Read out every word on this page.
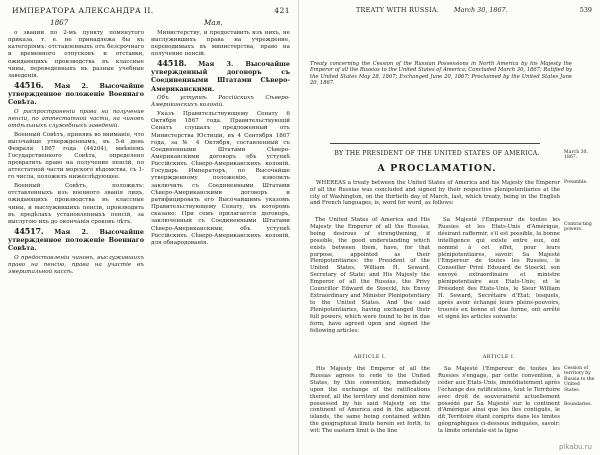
ИМПЕРАТОРА АЛЕКСАНДРА II.	421
1867	Мая.

о звании по 2-мъ пункту помянутого приказа, т. е. не принадлежа бы къ категоріямъ: отставленныхъ отъ безсрочнаго и временного отпусковъ и отставки, ожидающихъ производства въ классные чины, переведенныхъ въ разные учебные заведенія.

44516. Мая 2. Высочайше утвержденное положеніе Военнаго Совѣта.

О распространеніи права на получение пенсій, по аттестатной части, на чиновъ отдѣльныхъ служебныхъ заведеній.

Военный Совѣтъ, принявъ во вниманіе, что высочайше утвержденнымъ, въ 5-й день Февраля 1867 года (44204), мнѣніемъ Государственного Совѣта, определено превратить право на получение пенсій, по аттестатной части морского вѣдомства, съ 1-го числа, положилъ нижеслѣдующее.

Военный Совѣтъ, положилъ: отставленныхъ изъ военного званія лицъ, ожидающихъ производства въ классные чины, и выслужившихъ пенсіи, производить въ предѣлахъ установленныхъ пенсій, за выслугою ихъ до окончанія сроковъ лѣтъ.

44517. Мая 2. Высочайше утвержденное положеніе Военнаго Совѣта.

О предоставленіи чиновъ, выслужившихъ право на пенсію, права на участіе въ эмеритальной кассѣ.

Министерству, и предоставить изъ нихъ, не выслужившихъ права на учреждение, переводимыхъ въ министерства, право на получение пенсій.

44518. Мая 3. Высочайше утвержденный договоръ съ Соединенными Штатами Сѣверо-Американскими.

Объ уступкѣ Россійскихъ Сѣверо-Американскихъ колоній.

Указъ Правительствующему Сенату 6 Октября 1867 года. Правительствующій Сенатъ слушалъ предложенный отъ Министерства Юстиціи, въ 4 Сентября 1867 года, за № 4 Октября, составленный съ Соединенными Штатами Сѣверо-Американскими договоръ объ уступкѣ Россійскихъ Сѣверо-Американскихъ колоній. Государь Императоръ, по Высочайше утвержденному положенію, изволилъ заключить съ Соединенными Штатами Сѣверо-Американскими договоръ и ратифицировать его Высочайшимъ указомъ Правительствующему Сенату, въ которомъ сказано: При семъ прилагается договоръ, заключенный съ Соединенными Штатами Сѣверо-Американскими, объ уступкѣ Россійскихъ Сѣверо-Американскихъ колоній, для обнародованія.

TREATY WITH RUSSIA. March 30, 1867.	539
Treaty concerning the Cession of the Russian Possessions in North America by his Majesty the Emperor of all the Russias to the United States of America; Concluded March 30, 1867; Ratified by the United States May 28, 1867; Exchanged June 20, 1867; Proclaimed by the United States June 20, 1867.
BY THE PRESIDENT OF THE UNITED STATES OF AMERICA.	March 30, 1867.
A PROCLAMATION.
WHEREAS a treaty between the United States of America and his Majesty the Emperor of all the Russias was concluded and signed by their respective plenipotentiaries at the city of Washington, on the thirtieth day of March, last, which treaty, being in the English and French languages, is, word for word, as follows:
Preamble.
Contracting powers.

The United States of America and His Majesty the Emperor of all the Russias, being desirous of strengthening, if possible, the good understanding which exists between them, have, for that purpose, appointed as their Plenipotentiaries: the President of the United States, William H. Seward, Secretary of State; and His Majesty the Emperor of all the Russias, the Privy Councillor Edward de Stoeckl, his Envoy Extraordinary and Minister Plenipotentiary to the United States. And the said Plenipotentiaries, having exchanged their full powers, which were found to be in due form, have agreed upon and signed the following articles:

Sa Majesté l'Empereur de toutes les Russies et les Etats-Unis d'Amérique, désirant raffermir, s'il est possible, la bonne intelligence qui existe entre eux, ont nommé à cet effet, pour leurs plénipotentiaires, savoir: Sa Majesté l'Empereur de toutes les Russies, le Conseiller Privé Edouard de Stoeckl, son envoyé extraordinaire et ministre plénipotentiaire aux Etats-Unis; et le Président des Etats-Unis, le Sieur William H. Seward, Secrétaire d'Etat; lesquels, après avoir échangé leurs pleins-pouvoirs, trouvés en bonne et due forme, ont arrêté et signé les articles suivants:

ARTICLE I.	ARTICLE I.
His Majesty the Emperor of all the Russias agrees to cede to the United States, by this convention, immediately upon the exchange of the ratifications thereof, all the territory and dominion now possessed by his said Majesty on the continent of America and in the adjacent islands, the same being contained within the geographical limits herein set forth, to wit: The eastern limit is the line
Sa Majesté l'Empereur de toutes les Russies s'engage, par cette convention, à céder aux Etats-Unis, immédiatement après l'échange des ratifications, tout le Territoire avec droit de souveraineté actuellement possédé par Sa Majesté sur le continent d'Amérique ainsi que les îles contiguës, le dit Territoire étant compris dans les limites géographiques ci-dessous indiquées, savoir: la limite orientale est la ligne
Cession of territory by Russia to the United States.
Boundaries.
pikabu.ru
